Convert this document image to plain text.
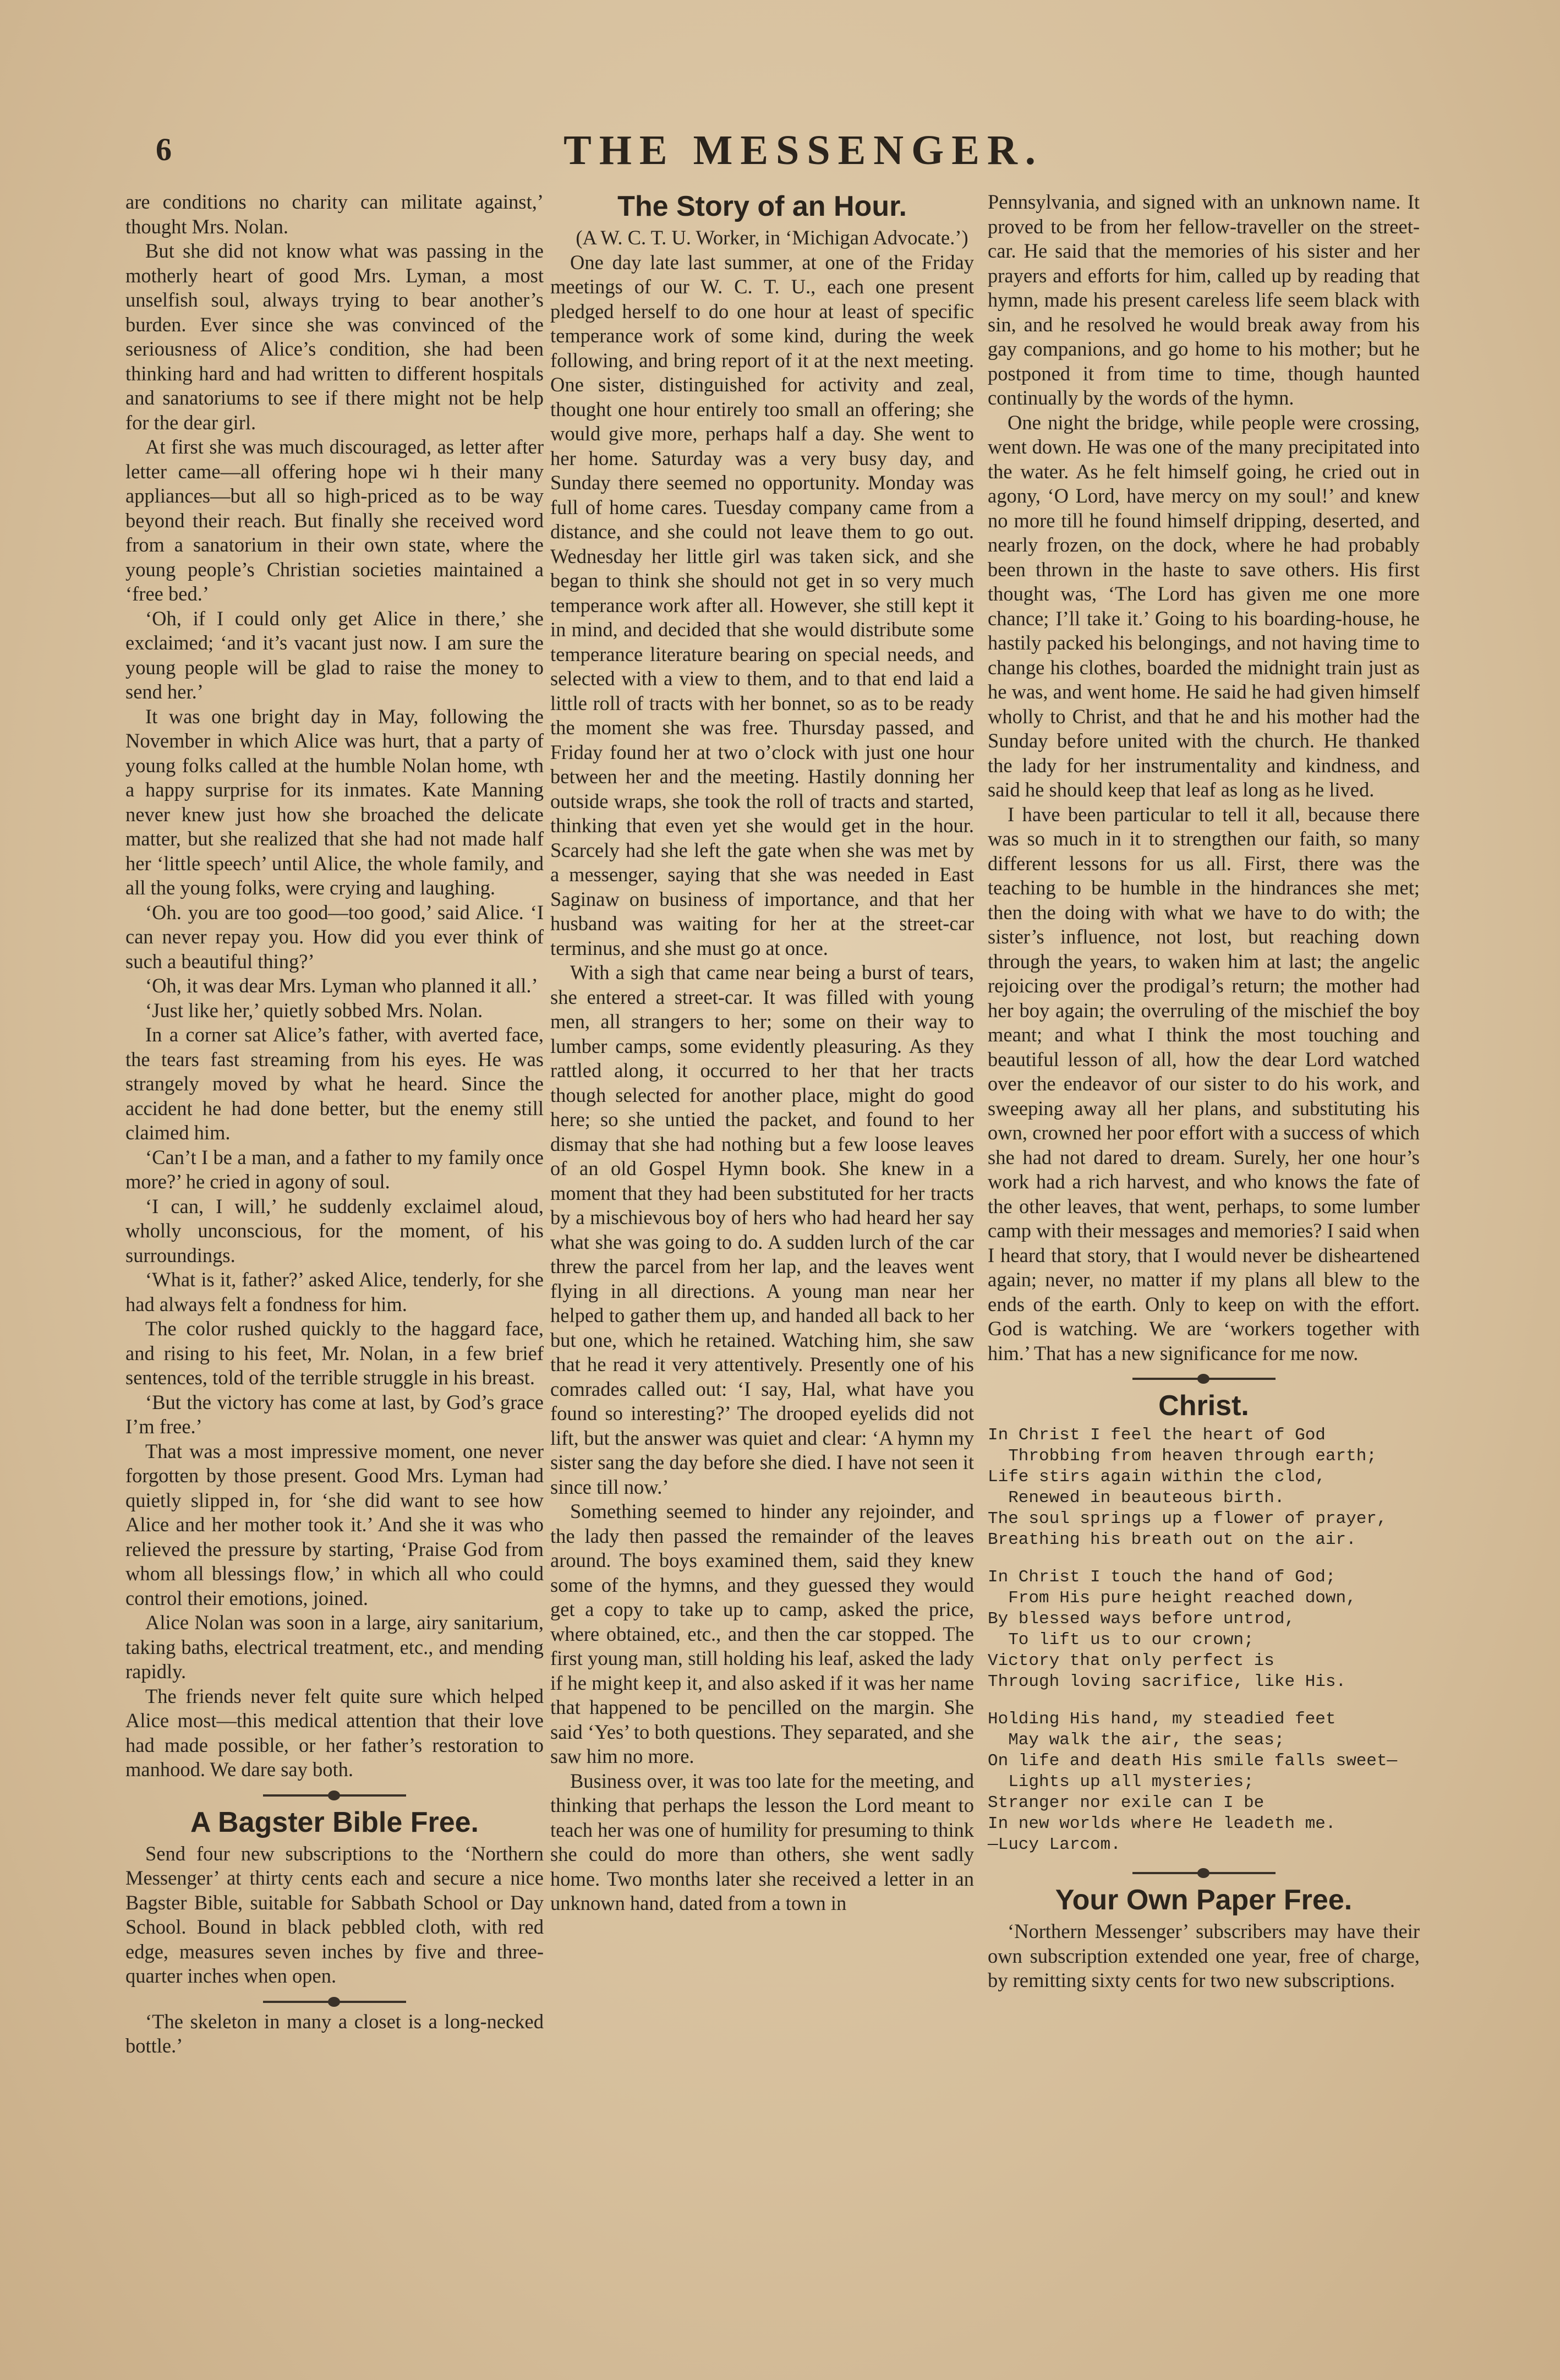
6	THE MESSENGER.

are conditions no charity can militate against,’ thought Mrs. Nolan.

But she did not know what was passing in the motherly heart of good Mrs. Lyman, a most unselfish soul, always trying to bear another’s burden. Ever since she was convinced of the seriousness of Alice’s condition, she had been thinking hard and had written to different hospitals and sanatoriums to see if there might not be help for the dear girl.

At first she was much discouraged, as letter after letter came—all offering hope wi h their many appliances—but all so high-priced as to be way beyond their reach. But finally she received word from a sanatorium in their own state, where the young people’s Christian societies maintained a ‘free bed.’

‘Oh, if I could only get Alice in there,’ she exclaimed; ‘and it’s vacant just now. I am sure the young people will be glad to raise the money to send her.’

It was one bright day in May, following the November in which Alice was hurt, that a party of young folks called at the humble Nolan home, wth a happy surprise for its inmates. Kate Manning never knew just how she broached the delicate matter, but she realized that she had not made half her ‘little speech’ until Alice, the whole family, and all the young folks, were crying and laughing.

‘Oh. you are too good—too good,’ said Alice. ‘I can never repay you. How did you ever think of such a beautiful thing?’

‘Oh, it was dear Mrs. Lyman who planned it all.’

‘Just like her,’ quietly sobbed Mrs. Nolan.

In a corner sat Alice’s father, with averted face, the tears fast streaming from his eyes. He was strangely moved by what he heard. Since the accident he had done better, but the enemy still claimed him.

‘Can’t I be a man, and a father to my family once more?’ he cried in agony of soul.

‘I can, I will,’ he suddenly exclaimel aloud, wholly unconscious, for the moment, of his surroundings.

‘What is it, father?’ asked Alice, tenderly, for she had always felt a fondness for him.

The color rushed quickly to the haggard face, and rising to his feet, Mr. Nolan, in a few brief sentences, told of the terrible struggle in his breast.

‘But the victory has come at last, by God’s grace I’m free.’

That was a most impressive moment, one never forgotten by those present. Good Mrs. Lyman had quietly slipped in, for ‘she did want to see how Alice and her mother took it.’ And she it was who relieved the pressure by starting, ‘Praise God from whom all blessings flow,’ in which all who could control their emotions, joined.

Alice Nolan was soon in a large, airy sanitarium, taking baths, electrical treatment, etc., and mending rapidly.

The friends never felt quite sure which helped Alice most—this medical attention that their love had made possible, or her father’s restoration to manhood. We dare say both.

A Bagster Bible Free.

Send four new subscriptions to the ‘Northern Messenger’ at thirty cents each and secure a nice Bagster Bible, suitable for Sabbath School or Day School. Bound in black pebbled cloth, with red edge, measures seven inches by five and three-quarter inches when open.

‘The skeleton in many a closet is a long-necked bottle.’

The Story of an Hour.

(A W. C. T. U. Worker, in ‘Michigan Advocate.’)

One day late last summer, at one of the Friday meetings of our W. C. T. U., each one present pledged herself to do one hour at least of specific temperance work of some kind, during the week following, and bring report of it at the next meeting. One sister, distinguished for activity and zeal, thought one hour entirely too small an offering; she would give more, perhaps half a day. She went to her home. Saturday was a very busy day, and Sunday there seemed no opportunity. Monday was full of home cares. Tuesday company came from a distance, and she could not leave them to go out. Wednesday her little girl was taken sick, and she began to think she should not get in so very much temperance work after all. However, she still kept it in mind, and decided that she would distribute some temperance literature bearing on special needs, and selected with a view to them, and to that end laid a little roll of tracts with her bonnet, so as to be ready the moment she was free. Thursday passed, and Friday found her at two o’clock with just one hour between her and the meeting. Hastily donning her outside wraps, she took the roll of tracts and started, thinking that even yet she would get in the hour. Scarcely had she left the gate when she was met by a messenger, saying that she was needed in East Saginaw on business of importance, and that her husband was waiting for her at the street-car terminus, and she must go at once.

With a sigh that came near being a burst of tears, she entered a street-car. It was filled with young men, all strangers to her; some on their way to lumber camps, some evidently pleasuring. As they rattled along, it occurred to her that her tracts though selected for another place, might do good here; so she untied the packet, and found to her dismay that she had nothing but a few loose leaves of an old Gospel Hymn book. She knew in a moment that they had been substituted for her tracts by a mischievous boy of hers who had heard her say what she was going to do. A sudden lurch of the car threw the parcel from her lap, and the leaves went flying in all directions. A young man near her helped to gather them up, and handed all back to her but one, which he retained. Watching him, she saw that he read it very attentively. Presently one of his comrades called out: ‘I say, Hal, what have you found so interesting?’ The drooped eyelids did not lift, but the answer was quiet and clear: ‘A hymn my sister sang the day before she died. I have not seen it since till now.’

Something seemed to hinder any rejoinder, and the lady then passed the remainder of the leaves around. The boys examined them, said they knew some of the hymns, and they guessed they would get a copy to take up to camp, asked the price, where obtained, etc., and then the car stopped. The first young man, still holding his leaf, asked the lady if he might keep it, and also asked if it was her name that happened to be pencilled on the margin. She said ‘Yes’ to both questions. They separated, and she saw him no more.

Business over, it was too late for the meeting, and thinking that perhaps the lesson the Lord meant to teach her was one of humility for presuming to think she could do more than others, she went sadly home. Two months later she received a letter in an unknown hand, dated from a town in

Pennsylvania, and signed with an unknown name. It proved to be from her fellow-traveller on the street-car. He said that the memories of his sister and her prayers and efforts for him, called up by reading that hymn, made his present careless life seem black with sin, and he resolved he would break away from his gay companions, and go home to his mother; but he postponed it from time to time, though haunted continually by the words of the hymn.

One night the bridge, while people were crossing, went down. He was one of the many precipitated into the water. As he felt himself going, he cried out in agony, ‘O Lord, have mercy on my soul!’ and knew no more till he found himself dripping, deserted, and nearly frozen, on the dock, where he had probably been thrown in the haste to save others. His first thought was, ‘The Lord has given me one more chance; I’ll take it.’ Going to his boarding-house, he hastily packed his belongings, and not having time to change his clothes, boarded the midnight train just as he was, and went home. He said he had given himself wholly to Christ, and that he and his mother had the Sunday before united with the church. He thanked the lady for her instrumentality and kindness, and said he should keep that leaf as long as he lived.

I have been particular to tell it all, because there was so much in it to strengthen our faith, so many different lessons for us all. First, there was the teaching to be humble in the hindrances she met; then the doing with what we have to do with; the sister’s influence, not lost, but reaching down through the years, to waken him at last; the angelic rejoicing over the prodigal’s return; the mother had her boy again; the overruling of the mischief the boy meant; and what I think the most touching and beautiful lesson of all, how the dear Lord watched over the endeavor of our sister to do his work, and sweeping away all her plans, and substituting his own, crowned her poor effort with a success of which she had not dared to dream. Surely, her one hour’s work had a rich harvest, and who knows the fate of the other leaves, that went, perhaps, to some lumber camp with their messages and memories? I said when I heard that story, that I would never be disheartened again; never, no matter if my plans all blew to the ends of the earth. Only to keep on with the effort. God is watching. We are ‘workers together with him.’ That has a new significance for me now.

Christ.
In Christ I feel the heart of God
Throbbing from heaven through earth;
Life stirs again within the clod,
Renewed in beauteous birth.
The soul springs up a flower of prayer,
Breathing his breath out on the air.
In Christ I touch the hand of God;
From His pure height reached down,
By blessed ways before untrod,
To lift us to our crown;
Victory that only perfect is
Through loving sacrifice, like His.
Holding His hand, my steadied feet
May walk the air, the seas;
On life and death His smile falls sweet—
Lights up all mysteries;
Stranger nor exile can I be
In new worlds where He leadeth me.
—Lucy Larcom.
Your Own Paper Free.

‘Northern Messenger’ subscribers may have their own subscription extended one year, free of charge, by remitting sixty cents for two new subscriptions.
